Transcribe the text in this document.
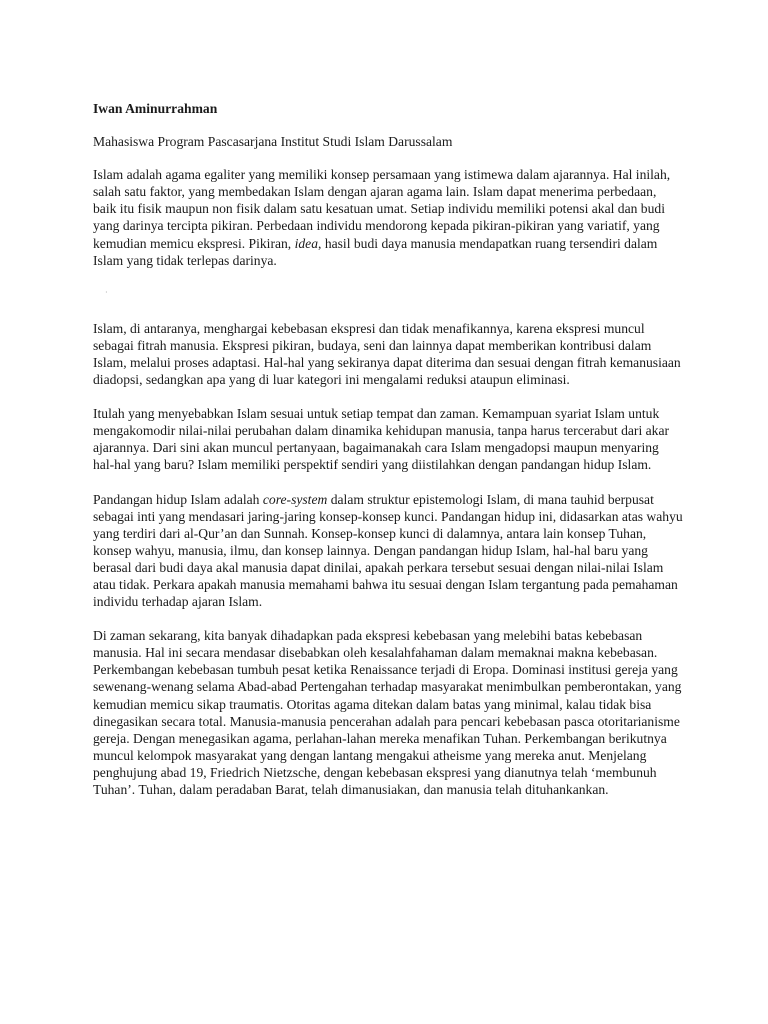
Iwan Aminurrahman

Mahasiswa Program Pascasarjana Institut Studi Islam Darussalam

Islam adalah agama egaliter yang memiliki konsep persamaan yang istimewa dalam ajarannya. Hal inilah, salah satu faktor, yang membedakan Islam dengan ajaran agama lain. Islam dapat menerima perbedaan, baik itu fisik maupun non fisik dalam satu kesatuan umat. Setiap individu memiliki potensi akal dan budi yang darinya tercipta pikiran. Perbedaan individu mendorong kepada pikiran-pikiran yang variatif, yang kemudian memicu ekspresi. Pikiran, idea, hasil budi daya manusia mendapatkan ruang tersendiri dalam Islam yang tidak terlepas darinya.

·

Islam, di antaranya, menghargai kebebasan ekspresi dan tidak menafikannya, karena ekspresi muncul sebagai fitrah manusia. Ekspresi pikiran, budaya, seni dan lainnya dapat memberikan kontribusi dalam Islam, melalui proses adaptasi. Hal-hal yang sekiranya dapat diterima dan sesuai dengan fitrah kemanusiaan diadopsi, sedangkan apa yang di luar kategori ini mengalami reduksi ataupun eliminasi.

Itulah yang menyebabkan Islam sesuai untuk setiap tempat dan zaman. Kemampuan syariat Islam untuk mengakomodir nilai-nilai perubahan dalam dinamika kehidupan manusia, tanpa harus tercerabut dari akar ajarannya. Dari sini akan muncul pertanyaan, bagaimanakah cara Islam mengadopsi maupun menyaring hal-hal yang baru? Islam memiliki perspektif sendiri yang diistilahkan dengan pandangan hidup Islam.

Pandangan hidup Islam adalah core-system dalam struktur epistemologi Islam, di mana tauhid berpusat sebagai inti yang mendasari jaring-jaring konsep-konsep kunci. Pandangan hidup ini, didasarkan atas wahyu yang terdiri dari al-Qur’an dan Sunnah. Konsep-konsep kunci di dalamnya, antara lain konsep Tuhan, konsep wahyu, manusia, ilmu, dan konsep lainnya. Dengan pandangan hidup Islam, hal-hal baru yang berasal dari budi daya akal manusia dapat dinilai, apakah perkara tersebut sesuai dengan nilai-nilai Islam atau tidak. Perkara apakah manusia memahami bahwa itu sesuai dengan Islam tergantung pada pemahaman individu terhadap ajaran Islam.

Di zaman sekarang, kita banyak dihadapkan pada ekspresi kebebasan yang melebihi batas kebebasan manusia. Hal ini secara mendasar disebabkan oleh kesalahfahaman dalam memaknai makna kebebasan. Perkembangan kebebasan tumbuh pesat ketika Renaissance terjadi di Eropa. Dominasi institusi gereja yang sewenang-wenang selama Abad-abad Pertengahan terhadap masyarakat menimbulkan pemberontakan, yang kemudian memicu sikap traumatis. Otoritas agama ditekan dalam batas yang minimal, kalau tidak bisa dinegasikan secara total. Manusia-manusia pencerahan adalah para pencari kebebasan pasca otoritarianisme gereja. Dengan menegasikan agama, perlahan-lahan mereka menafikan Tuhan. Perkembangan berikutnya muncul kelompok masyarakat yang dengan lantang mengakui atheisme yang mereka anut. Menjelang penghujung abad 19, Friedrich Nietzsche, dengan kebebasan ekspresi yang dianutnya telah ‘membunuh Tuhan’. Tuhan, dalam peradaban Barat, telah dimanusiakan, dan manusia telah dituhankankan.
